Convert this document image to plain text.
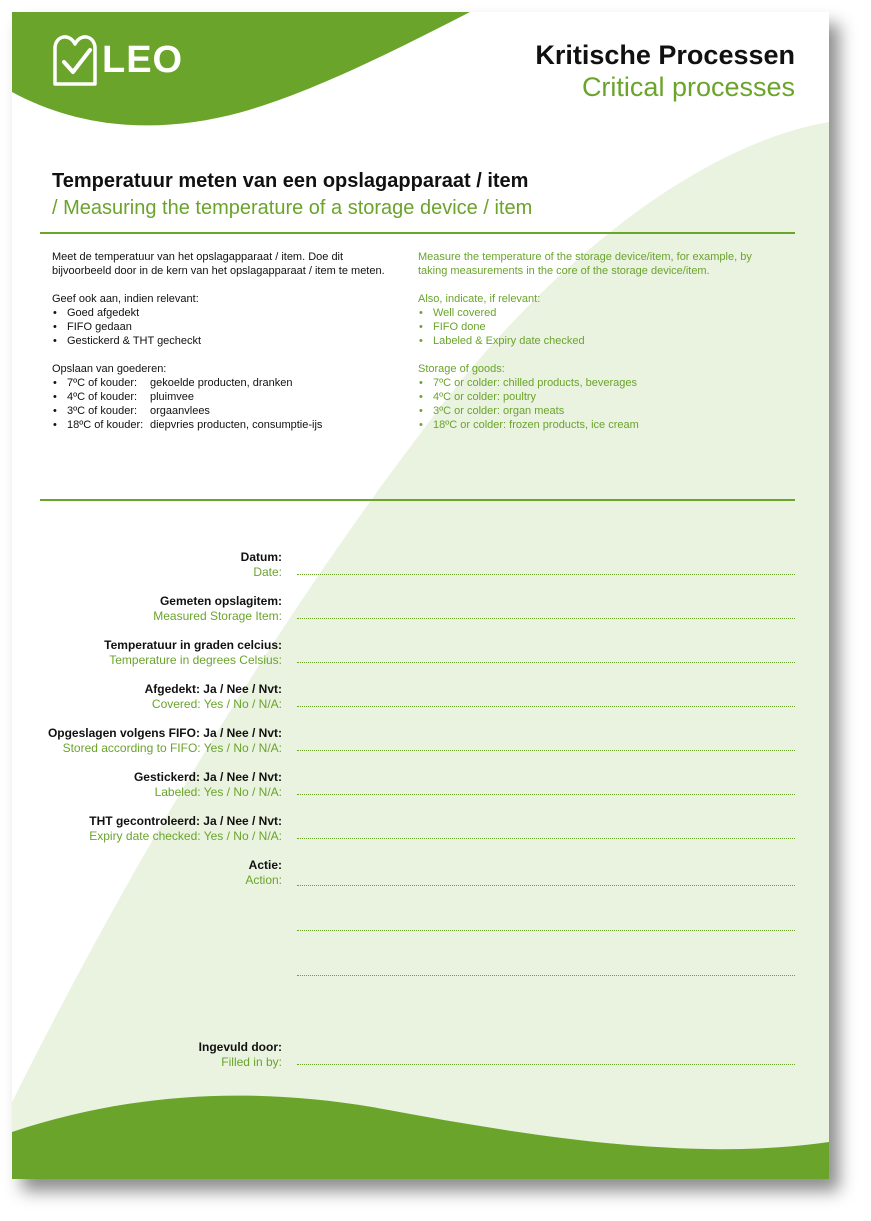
LEO	Kritische Processen
Critical processes
Temperatuur meten van een opslagapparaat / item
/ Measuring the temperature of a storage device / item

Meet de temperatuur van het opslagapparaat / item. Doe dit bijvoorbeeld door in de kern van het opslagapparaat / item te meten.

Geef ook aan, indien relevant:
• Goed afgedekt
• FIFO gedaan
• Gestickerd & THT gecheckt
Opslaan van goederen:
• 7ºC of kouder: gekoelde producten, dranken
• 4ºC of kouder: pluimvee
• 3ºC of kouder: orgaanvlees
• 18ºC of kouder: diepvries producten, consumptie-ijs

Measure the temperature of the storage device/item, for example, by taking measurements in the core of the storage device/item.

Also, indicate, if relevant:
• Well covered
• FIFO done
• Labeled & Expiry date checked
Storage of goods:
• 7ºC or colder: chilled products, beverages
• 4ºC or colder: poultry
• 3ºC or colder: organ meats
• 18ºC or colder: frozen products, ice cream
Datum:
Date:
Gemeten opslagitem:
Measured Storage Item:
Temperatuur in graden celcius:
Temperature in degrees Celsius:
Afgedekt: Ja / Nee / Nvt:
Covered: Yes / No / N/A:
Opgeslagen volgens FIFO: Ja / Nee / Nvt:
Stored according to FIFO: Yes / No / N/A:
Gestickerd: Ja / Nee / Nvt:
Labeled: Yes / No / N/A:
THT gecontroleerd: Ja / Nee / Nvt:
Expiry date checked: Yes / No / N/A:
Actie:
Action:
Ingevuld door:
Filled in by:
